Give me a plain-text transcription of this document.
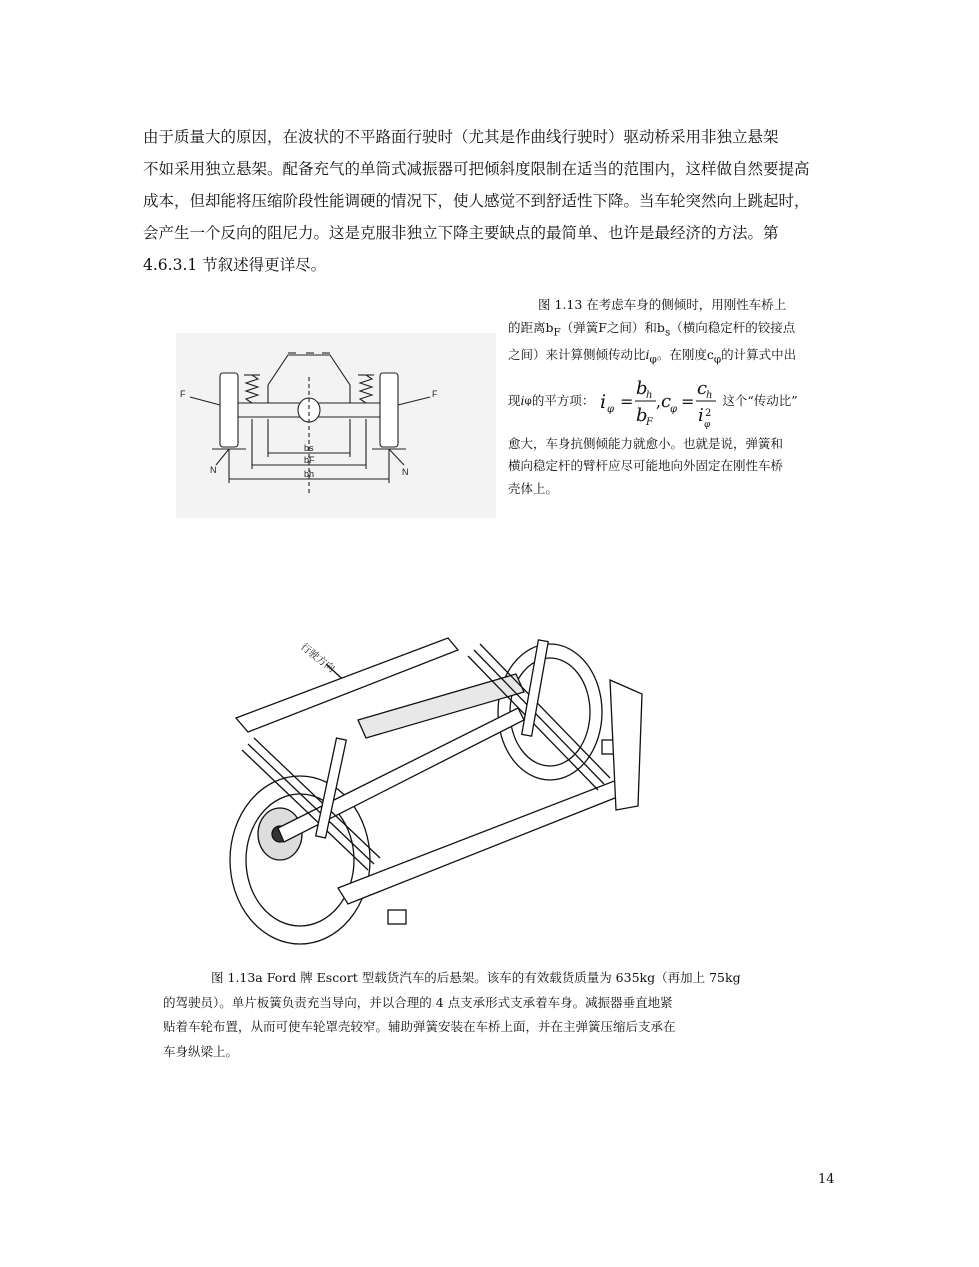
由于质量大的原因，在波状的不平路面行驶时（尤其是作曲线行驶时）驱动桥采用非独立悬架
不如采用独立悬架。配备充气的单筒式减振器可把倾斜度限制在适当的范围内，这样做自然要提高
成本，但却能将压缩阶段性能调硬的情况下，使人感觉不到舒适性下降。当车轮突然向上跳起时，
会产生一个反向的阻尼力。这是克服非独立下降主要缺点的最简单、也许是最经济的方法。第
4.6.3.1 节叙述得更详尽。
F	F
N	N
bs
bF
bh
图 1.13 在考虑车身的侧倾时，用刚性车桥上
的距离$b_F$（弹簧F之间）和$b_s$（横向稳定杆的铰接点
之间）来计算侧倾传动比$i_\varphi$。在刚度$c_\varphi$的计算式中出
现 i φ 的平方项： i φ =
b
h
b
F
, c
φ =
c
h
i 2
φ
这个“传动比”
愈大，车身抗侧倾能力就愈小。也就是说，弹簧和
横向稳定杆的臂杆应尽可能地向外固定在刚性车桥
壳体上。
行驶方向
图 1.13a Ford 牌 Escort 型载货汽车的后悬架。该车的有效载货质量为 635kg（再加上 75kg
的驾驶员）。单片板簧负责充当导向，并以合理的 4 点支承形式支承着车身。减振器垂直地紧
贴着车轮布置，从而可使车轮罩壳较窄。辅助弹簧安装在车桥上面，并在主弹簧压缩后支承在
车身纵梁上。
14
